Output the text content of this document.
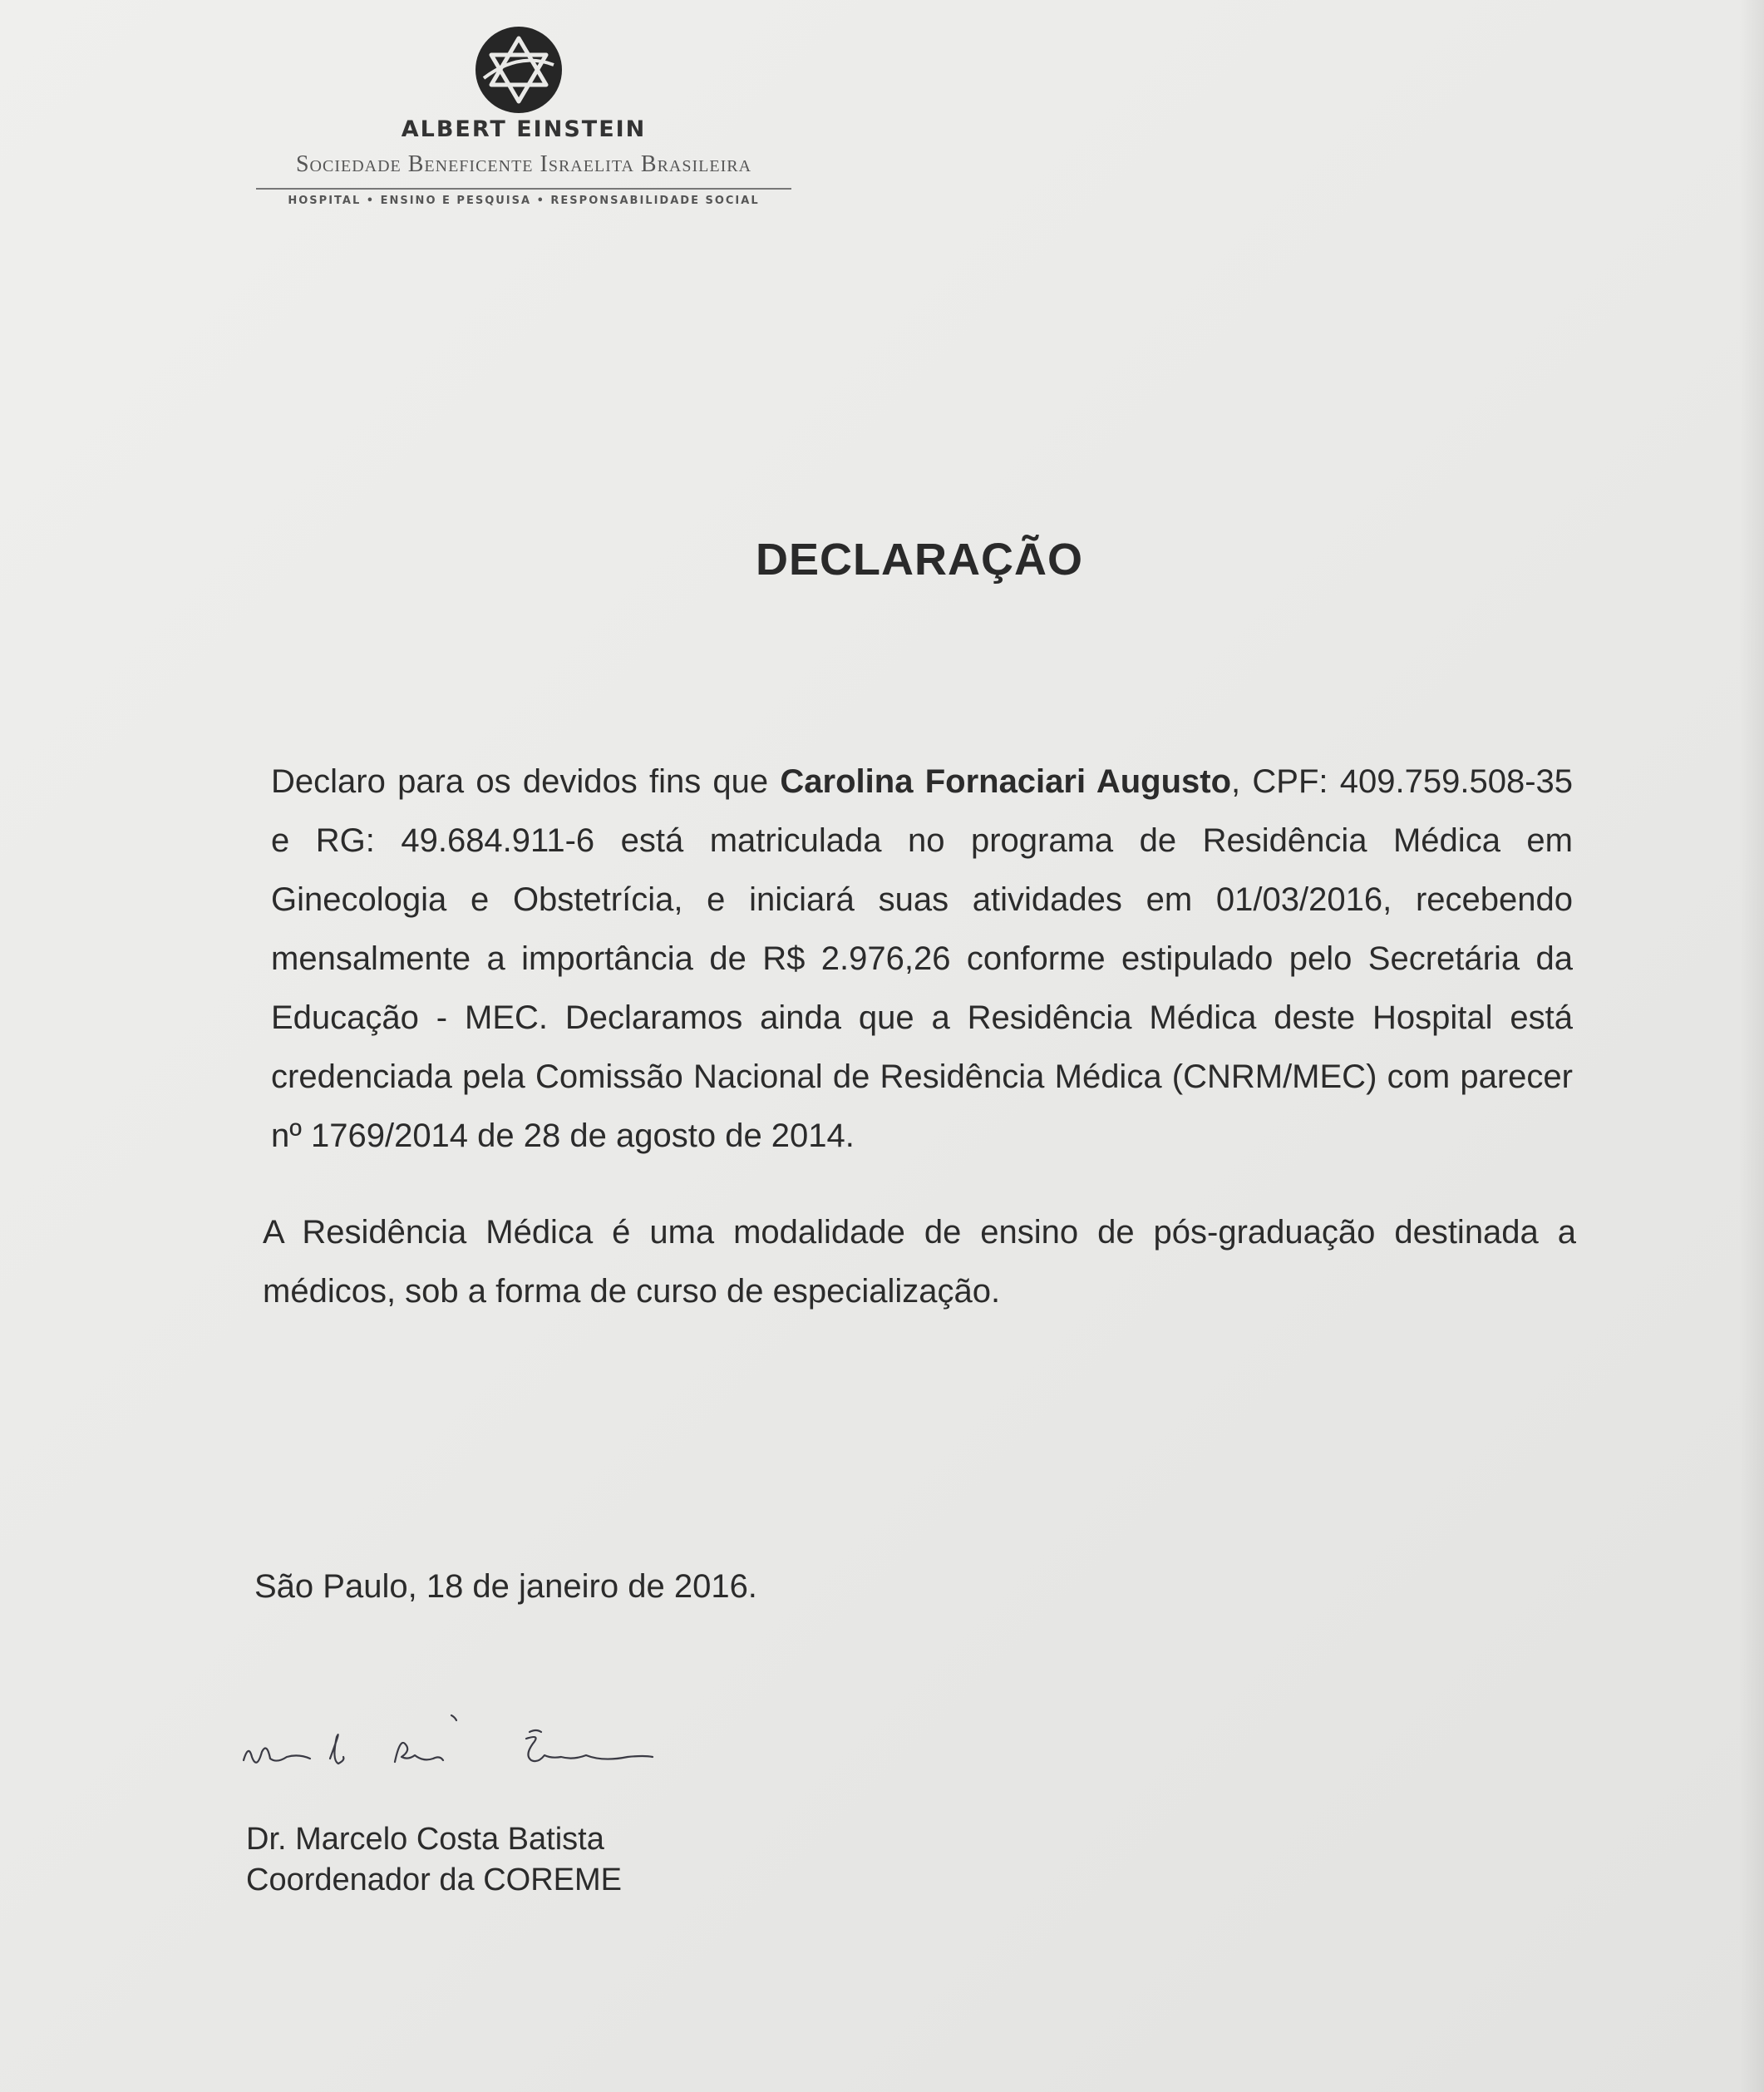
ALBERT EINSTEIN
Sociedade Beneficente Israelita Brasileira
HOSPITAL • ENSINO E PESQUISA • RESPONSABILIDADE SOCIAL
DECLARAÇÃO
Declaro para os devidos fins que Carolina Fornaciari Augusto, CPF: 409.759.508-35 e RG: 49.684.911-6 está matriculada no programa de Residência Médica em Ginecologia e Obstetrícia, e iniciará suas atividades em 01/03/2016, recebendo mensalmente a importância de R$ 2.976,26 conforme estipulado pelo Secretária da Educação - MEC. Declaramos ainda que a Residência Médica deste Hospital está credenciada pela Comissão Nacional de Residência Médica (CNRM/MEC) com parecer nº 1769/2014 de 28 de agosto de 2014.
A Residência Médica é uma modalidade de ensino de pós-graduação destinada a médicos, sob a forma de curso de especialização.
São Paulo, 18 de janeiro de 2016.
Dr. Marcelo Costa Batista
Coordenador da COREME
